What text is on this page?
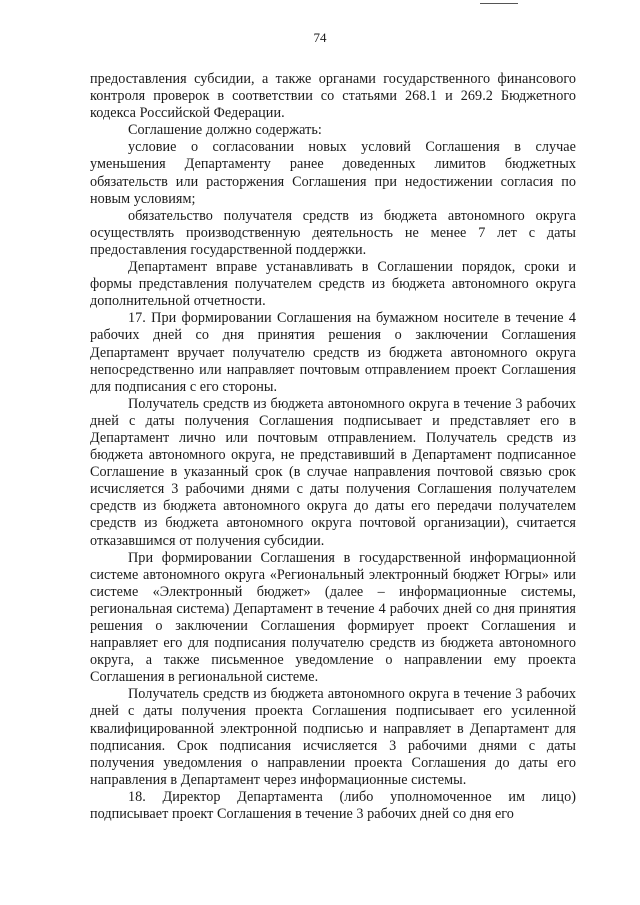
74

предоставления субсидии, а также органами государственного финансового контроля проверок в соответствии со статьями 268.1 и 269.2 Бюджетного кодекса Российской Федерации.

Соглашение должно содержать:

условие о согласовании новых условий Соглашения в случае уменьшения Департаменту ранее доведенных лимитов бюджетных обязательств или расторжения Соглашения при недостижении согласия по новым условиям;

обязательство получателя средств из бюджета автономного округа осуществлять производственную деятельность не менее 7 лет с даты предоставления государственной поддержки.

Департамент вправе устанавливать в Соглашении порядок, сроки и формы представления получателем средств из бюджета автономного округа дополнительной отчетности.

17. При формировании Соглашения на бумажном носителе в течение 4 рабочих дней со дня принятия решения о заключении Соглашения Департамент вручает получателю средств из бюджета автономного округа непосредственно или направляет почтовым отправлением проект Соглашения для подписания с его стороны.

Получатель средств из бюджета автономного округа в течение 3 рабочих дней с даты получения Соглашения подписывает и представляет его в Департамент лично или почтовым отправлением. Получатель средств из бюджета автономного округа, не представивший в Департамент подписанное Соглашение в указанный срок (в случае направления почтовой связью срок исчисляется 3 рабочими днями с даты получения Соглашения получателем средств из бюджета автономного округа до даты его передачи получателем средств из бюджета автономного округа почтовой организации), считается отказавшимся от получения субсидии.

При формировании Соглашения в государственной информационной системе автономного округа «Региональный электронный бюджет Югры» или системе «Электронный бюджет» (далее – информационные системы, региональная система) Департамент в течение 4 рабочих дней со дня принятия решения о заключении Соглашения формирует проект Соглашения и направляет его для подписания получателю средств из бюджета автономного округа, а также письменное уведомление о направлении ему проекта Соглашения в региональной системе.

Получатель средств из бюджета автономного округа в течение 3 рабочих дней с даты получения проекта Соглашения подписывает его усиленной квалифицированной электронной подписью и направляет в Департамент для подписания. Срок подписания исчисляется 3 рабочими днями с даты получения уведомления о направлении проекта Соглашения до даты его направления в Департамент через информационные системы.

18. Директор Департамента (либо уполномоченное им лицо) подписывает проект Соглашения в течение 3 рабочих дней со дня его
